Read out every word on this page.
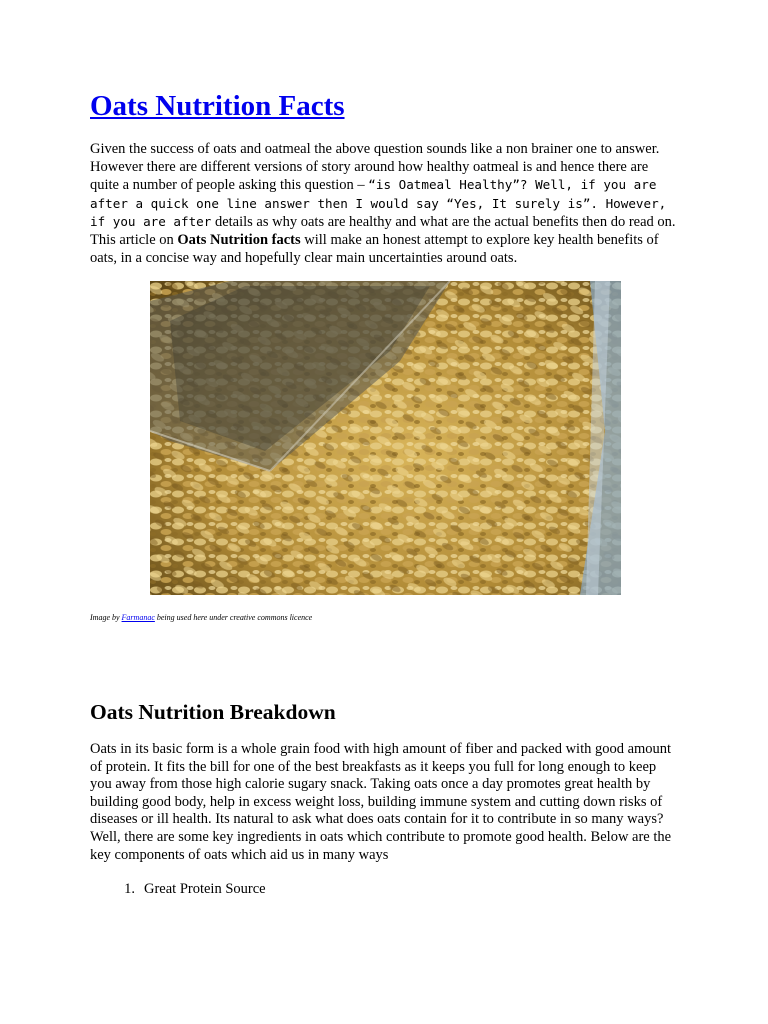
Oats Nutrition Facts

Given the success of oats and oatmeal the above question sounds like a non brainer one to answer. However there are different versions of story around how healthy oatmeal is and hence there are quite a number of people asking this question – “is Oatmeal Healthy”? Well, if you are after a quick one line answer then I would say “Yes, It surely is”. However, if you are after details as why oats are healthy and what are the actual benefits then do read on. This article on Oats Nutrition facts will make an honest attempt to explore key health benefits of oats, in a concise way and hopefully clear main uncertainties around oats.

Image by Farmanac being used here under creative commons licence

Oats Nutrition Breakdown

Oats in its basic form is a whole grain food with high amount of fiber and packed with good amount of protein. It fits the bill for one of the best breakfasts as it keeps you full for long enough to keep you away from those high calorie sugary snack. Taking oats once a day promotes great health by building good body, help in excess weight loss, building immune system and cutting down risks of diseases or ill health. Its natural to ask what does oats contain for it to contribute in so many ways? Well, there are some key ingredients in oats which contribute to promote good health. Below are the key components of oats which aid us in many ways

1. Great Protein Source
